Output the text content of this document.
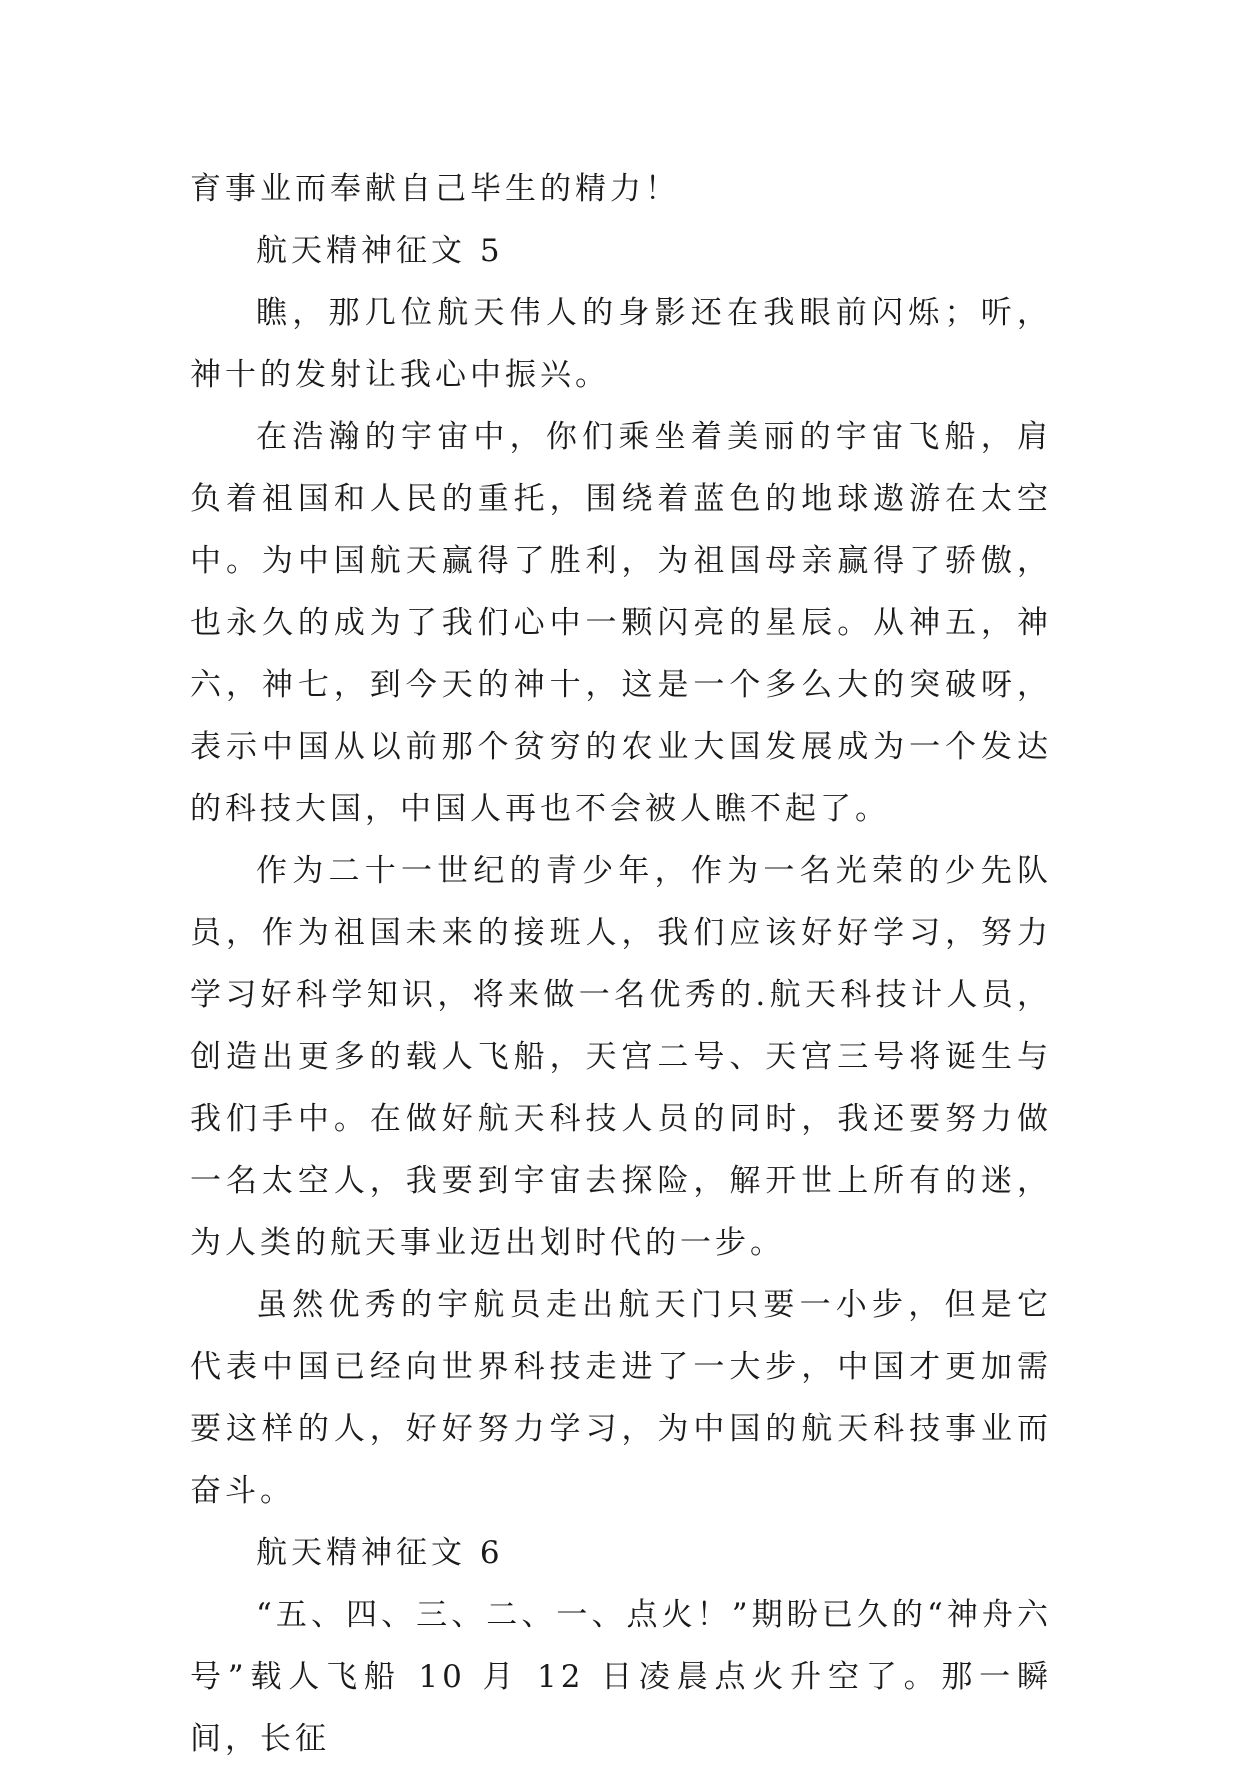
育事业而奉献自己毕生的精力！

航天精神征文 5

瞧，那几位航天伟人的身影还在我眼前闪烁；听，神十的发射让我心中振兴。

在浩瀚的宇宙中，你们乘坐着美丽的宇宙飞船，肩负着祖国和人民的重托，围绕着蓝色的地球遨游在太空中。为中国航天赢得了胜利，为祖国母亲赢得了骄傲，也永久的成为了我们心中一颗闪亮的星辰。从神五，神六，神七，到今天的神十，这是一个多么大的突破呀，表示中国从以前那个贫穷的农业大国发展成为一个发达的科技大国，中国人再也不会被人瞧不起了。

作为二十一世纪的青少年，作为一名光荣的少先队员，作为祖国未来的接班人，我们应该好好学习，努力学习好科学知识，将来做一名优秀的.航天科技计人员，创造出更多的载人飞船，天宫二号、天宫三号将诞生与我们手中。在做好航天科技人员的同时，我还要努力做一名太空人，我要到宇宙去探险，解开世上所有的迷，为人类的航天事业迈出划时代的一步。

虽然优秀的宇航员走出航天门只要一小步，但是它代表中国已经向世界科技走进了一大步，中国才更加需要这样的人，好好努力学习，为中国的航天科技事业而奋斗。

航天精神征文 6

“五、四、三、二、一、点火！”期盼已久的“神舟六号”载人飞船 10 月 12 日凌晨点火升空了。那一瞬间，长征
